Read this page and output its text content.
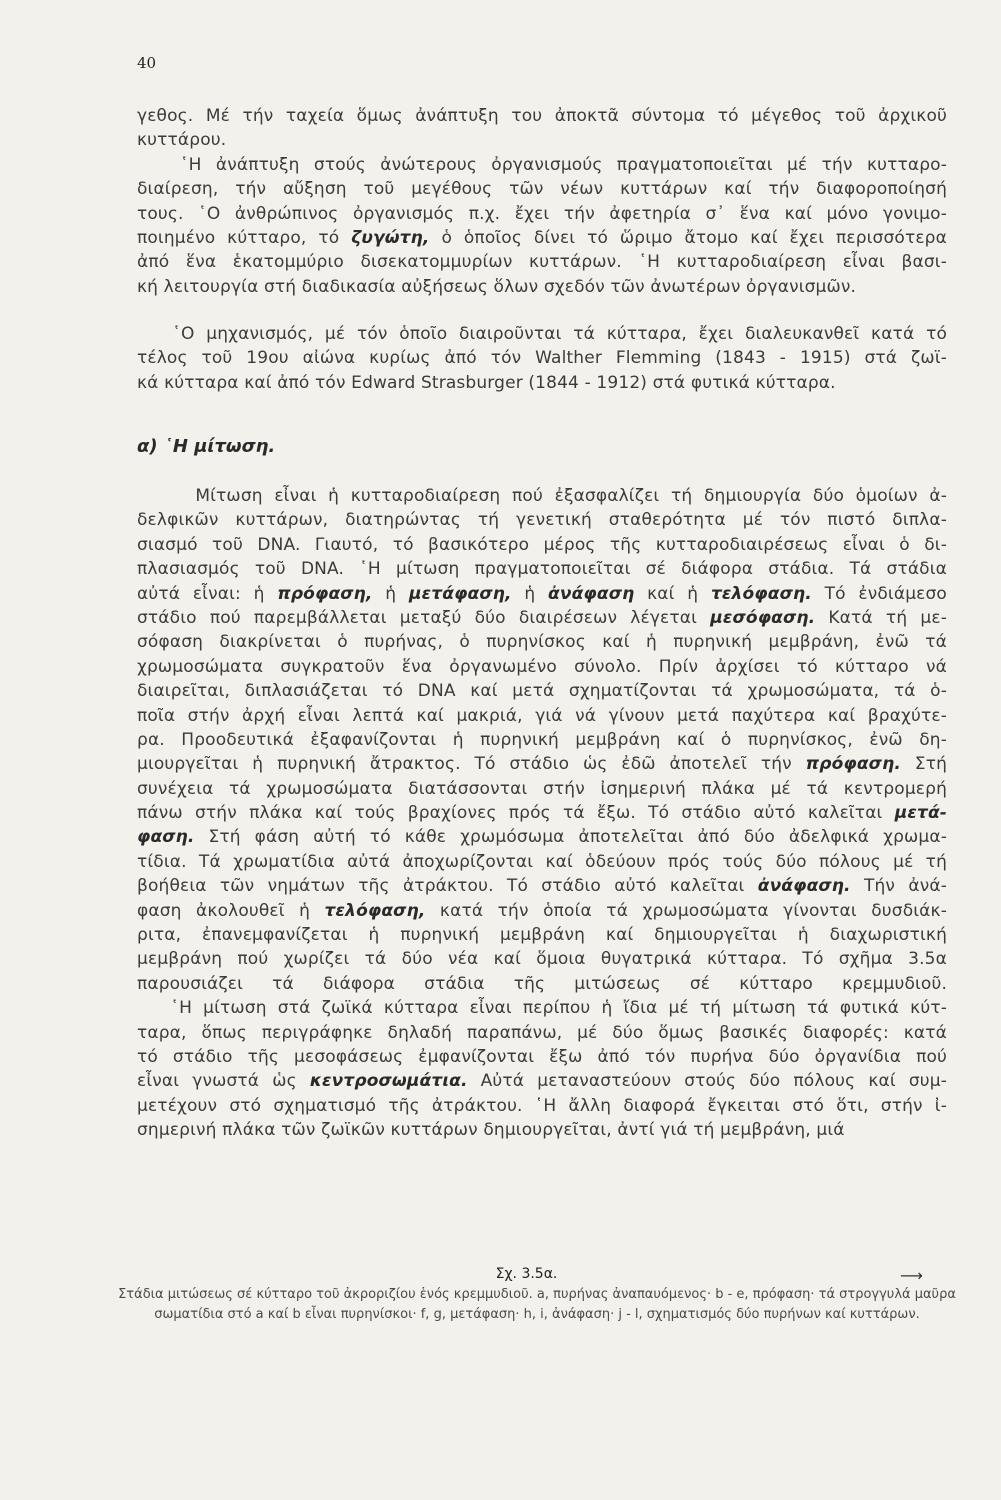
40
γεθος. Μέ τήν ταχεία ὅμως ἀνάπτυξη του ἀποκτᾶ σύντομα τό μέγεθος τοῦ ἀρχικοῦ
κυττάρου.
῾Η ἀνάπτυξη στούς ἀνώτερους ὀργανισμούς πραγματοποιεῖται μέ τήν κυτταρο-
διαίρεση, τήν αὔξηση τοῦ μεγέθους τῶν νέων κυττάρων καί τήν διαφοροποίησή
τους. ῾Ο ἀνθρώπινος ὀργανισμός π.χ. ἔχει τήν ἀφετηρία σ᾿ ἕνα καί μόνο γονιμο-
ποιημένο κύτταρο, τό ζυγώτη, ὁ ὁποῖος δίνει τό ὥριμο ἄτομο καί ἔχει περισσότερα
ἀπό ἕνα ἑκατομμύριο δισεκατομμυρίων κυττάρων. ῾Η κυτταροδιαίρεση εἶναι βασι-
κή λειτουργία στή διαδικασία αὐξήσεως ὅλων σχεδόν τῶν ἀνωτέρων ὀργανισμῶν.
῾Ο μηχανισμός, μέ τόν ὁποῖο διαιροῦνται τά κύτταρα, ἔχει διαλευκανθεῖ κατά τό
τέλος τοῦ 19ου αἰώνα κυρίως ἀπό τόν Walther Flemming (1843 - 1915) στά ζωϊ-
κά κύτταρα καί ἀπό τόν Edward Strasburger (1844 - 1912) στά φυτικά κύτταρα.
α) ῾Η μίτωση.
Μίτωση εἶναι ἡ κυτταροδιαίρεση πού ἐξασφαλίζει τή δημιουργία δύο ὁμοίων ἀ-
δελφικῶν κυττάρων, διατηρώντας τή γενετική σταθερότητα μέ τόν πιστό διπλα-
σιασμό τοῦ DNA. Γιαυτό, τό βασικότερο μέρος τῆς κυτταροδιαιρέσεως εἶναι ὁ δι-
πλασιασμός τοῦ DNA. ῾Η μίτωση πραγματοποιεῖται σέ διάφορα στάδια. Τά στάδια
αὐτά εἶναι: ἡ πρόφαση, ἡ μετάφαση, ἡ ἀνάφαση καί ἡ τελόφαση. Τό ἐνδιάμεσο
στάδιο πού παρεμβάλλεται μεταξύ δύο διαιρέσεων λέγεται μεσόφαση. Κατά τή με-
σόφαση διακρίνεται ὁ πυρήνας, ὁ πυρηνίσκος καί ἡ πυρηνική μεμβράνη, ἐνῶ τά
χρωμοσώματα συγκρατοῦν ἕνα ὀργανωμένο σύνολο. Πρίν ἀρχίσει τό κύτταρο νά
διαιρεῖται, διπλασιάζεται τό DNA καί μετά σχηματίζονται τά χρωμοσώματα, τά ὁ-
ποῖα στήν ἀρχή εἶναι λεπτά καί μακριά, γιά νά γίνουν μετά παχύτερα καί βραχύτε-
ρα. Προοδευτικά ἐξαφανίζονται ἡ πυρηνική μεμβράνη καί ὁ πυρηνίσκος, ἐνῶ δη-
μιουργεῖται ἡ πυρηνική ἄτρακτος. Τό στάδιο ὡς ἐδῶ ἀποτελεῖ τήν πρόφαση. Στή
συνέχεια τά χρωμοσώματα διατάσσονται στήν ἰσημερινή πλάκα μέ τά κεντρομερή
πάνω στήν πλάκα καί τούς βραχίονες πρός τά ἔξω. Τό στάδιο αὐτό καλεῖται μετά-
φαση. Στή φάση αὐτή τό κάθε χρωμόσωμα ἀποτελεῖται ἀπό δύο ἀδελφικά χρωμα-
τίδια. Τά χρωματίδια αὐτά ἀποχωρίζονται καί ὁδεύουν πρός τούς δύο πόλους μέ τή
βοήθεια τῶν νημάτων τῆς ἀτράκτου. Τό στάδιο αὐτό καλεῖται ἀνάφαση. Τήν ἀνά-
φαση ἀκολουθεῖ ἡ τελόφαση, κατά τήν ὁποία τά χρωμοσώματα γίνονται δυσδιάκ-
ριτα, ἐπανεμφανίζεται ἡ πυρηνική μεμβράνη καί δημιουργεῖται ἡ διαχωριστική
μεμβράνη πού χωρίζει τά δύο νέα καί ὅμοια θυγατρικά κύτταρα. Τό σχῆμα 3.5α
παρουσιάζει τά διάφορα στάδια τῆς μιτώσεως σέ κύτταρο κρεμμυδιοῦ.
῾Η μίτωση στά ζωϊκά κύτταρα εἶναι περίπου ἡ ἴδια μέ τή μίτωση τά φυτικά κύτ-
ταρα, ὅπως περιγράφηκε δηλαδή παραπάνω, μέ δύο ὅμως βασικές διαφορές: κατά
τό στάδιο τῆς μεσοφάσεως ἐμφανίζονται ἔξω ἀπό τόν πυρήνα δύο ὀργανίδια πού
εἶναι γνωστά ὡς κεντροσωμάτια. Αὐτά μεταναστεύουν στούς δύο πόλους καί συμ-
μετέχουν στό σχηματισμό τῆς ἀτράκτου. ῾Η ἄλλη διαφορά ἔγκειται στό ὅτι, στήν ἰ-
σημερινή πλάκα τῶν ζωϊκῶν κυττάρων δημιουργεῖται, ἀντί γιά τή μεμβράνη, μιά
Σχ. 3.5α.	⟶
Στάδια μιτώσεως σέ κύτταρο τοῦ ἀκροριζίου ἑνός κρεμμυδιοῦ. a, πυρήνας ἀναπαυόμενος· b - e, πρόφαση· τά στρογγυλά μαῦρα σωματίδια στό a καί b εἶναι πυρηνίσκοι· f, g, μετάφαση· h, i, ἀνάφαση· j - l, σχηματισμός δύο πυρήνων καί κυττάρων.
